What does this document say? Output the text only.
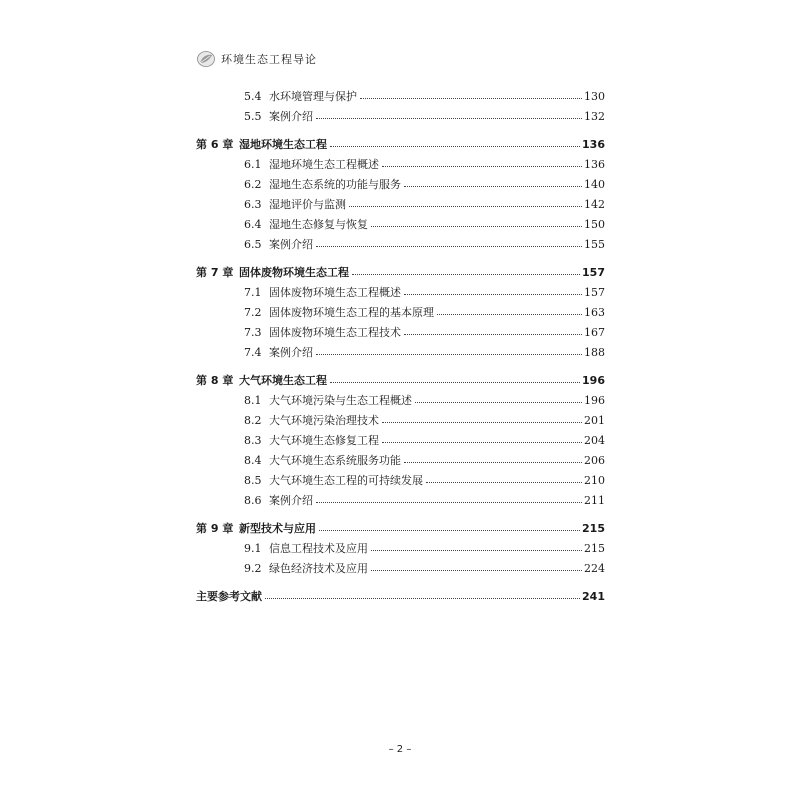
环境生态工程导论
5.4 水环境管理与保护	130
5.5 案例介绍	132
第 6 章 湿地环境生态工程	136
6.1 湿地环境生态工程概述	136
6.2 湿地生态系统的功能与服务	140
6.3 湿地评价与监测	142
6.4 湿地生态修复与恢复	150
6.5 案例介绍	155
第 7 章 固体废物环境生态工程	157
7.1 固体废物环境生态工程概述	157
7.2 固体废物环境生态工程的基本原理	163
7.3 固体废物环境生态工程技术	167
7.4 案例介绍	188
第 8 章 大气环境生态工程	196
8.1 大气环境污染与生态工程概述	196
8.2 大气环境污染治理技术	201
8.3 大气环境生态修复工程	204
8.4 大气环境生态系统服务功能	206
8.5 大气环境生态工程的可持续发展	210
8.6 案例介绍	211
第 9 章 新型技术与应用	215
9.1 信息工程技术及应用	215
9.2 绿色经济技术及应用	224
主要参考文献	241
– 2 –
